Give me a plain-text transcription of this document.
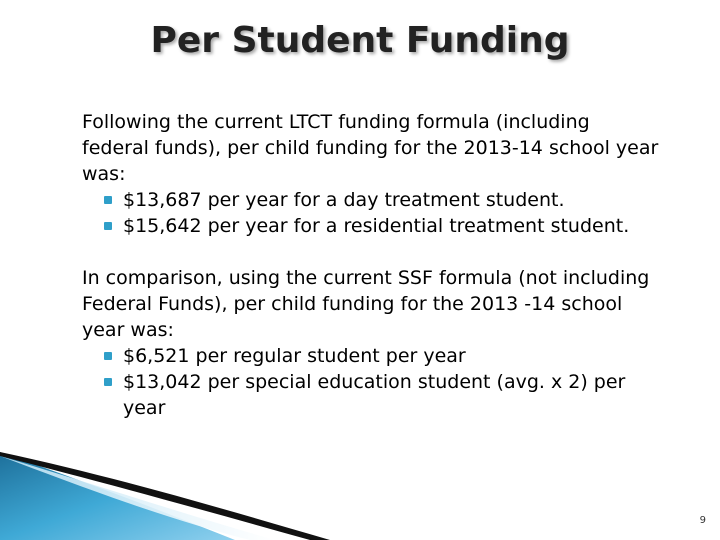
Per Student Funding

Following the current LTCT funding formula (including federal funds), per child funding for the 2013-14 school year was:

$13,687 per year for a day treatment student.
$15,642 per year for a residential treatment student.

In comparison, using the current SSF formula (not including Federal Funds), per child funding for the 2013 -14 school year was:

$6,521 per regular student per year
$13,042 per special education student (avg. x 2) per year
9
